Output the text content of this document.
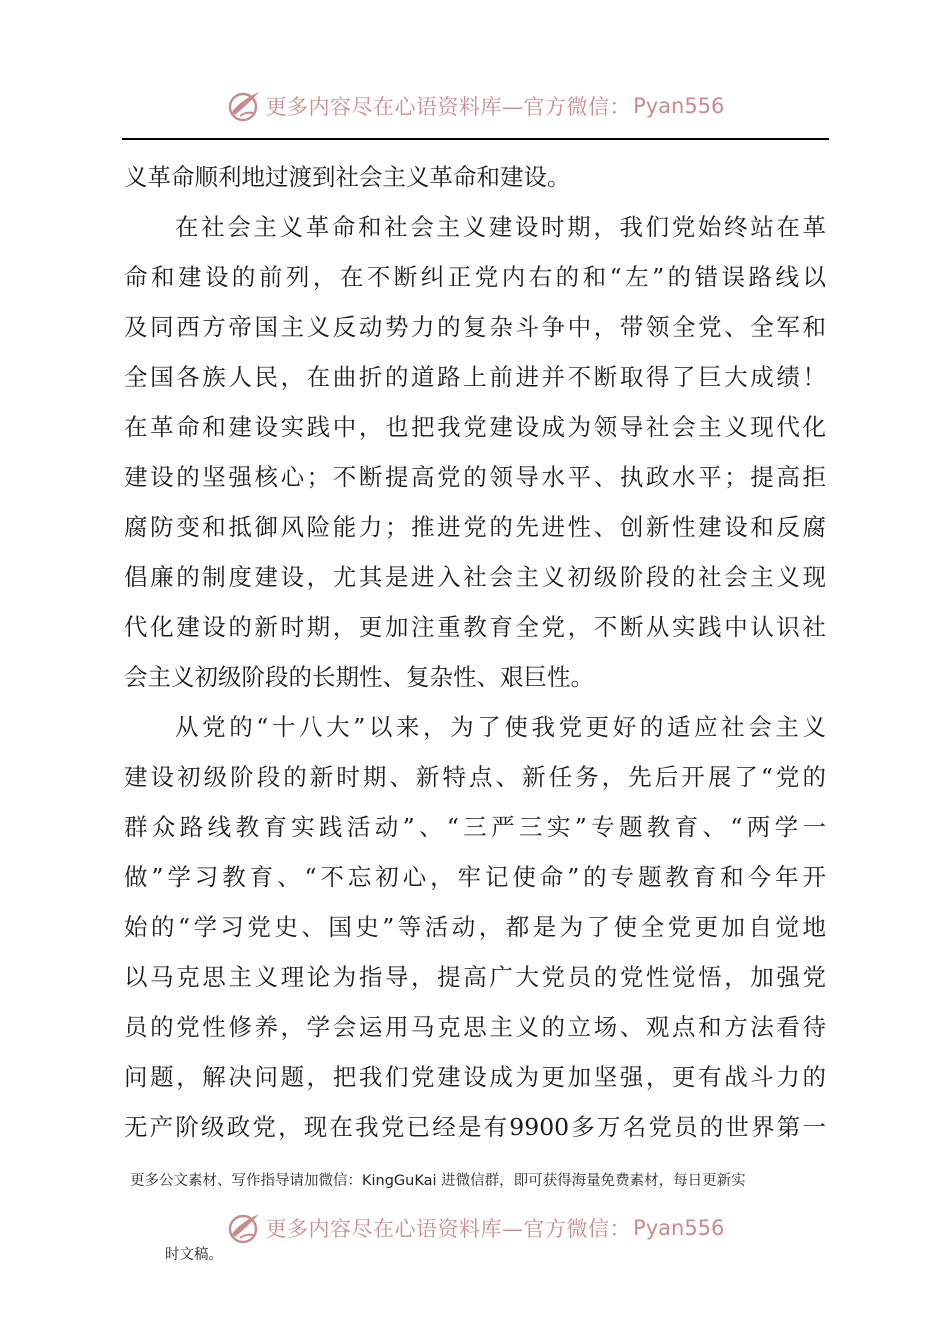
更多内容尽在心语资料库—官方微信： Pyan556
义革命顺利地过渡到社会主义革命和建设。
在社会主义革命和社会主义建设时期，我们党始终站在革
命和建设的前列，在不断纠正党内右的和“左”的错误路线以
及同西方帝国主义反动势力的复杂斗争中，带领全党、全军和
全国各族人民，在曲折的道路上前进并不断取得了巨大成绩！
在革命和建设实践中，也把我党建设成为领导社会主义现代化
建设的坚强核心；不断提高党的领导水平、执政水平；提高拒
腐防变和抵御风险能力；推进党的先进性、创新性建设和反腐
倡廉的制度建设，尤其是进入社会主义初级阶段的社会主义现
代化建设的新时期，更加注重教育全党，不断从实践中认识社
会主义初级阶段的长期性、复杂性、艰巨性。
从党的“十八大”以来，为了使我党更好的适应社会主义
建设初级阶段的新时期、新特点、新任务，先后开展了“党的
群众路线教育实践活动”、“三严三实”专题教育、“两学一
做”学习教育、“不忘初心，牢记使命”的专题教育和今年开
始的“学习党史、国史”等活动，都是为了使全党更加自觉地
以马克思主义理论为指导，提高广大党员的党性觉悟，加强党
员的党性修养，学会运用马克思主义的立场、观点和方法看待
问题，解决问题，把我们党建设成为更加坚强，更有战斗力的
无产阶级政党，现在我党已经是有9900多万名党员的世界第一
更多公文素材、写作指导请加微信：KingGuKai 进微信群，即可获得海量免费素材，每日更新实
更多内容尽在心语资料库—官方微信： Pyan556
时文稿。
